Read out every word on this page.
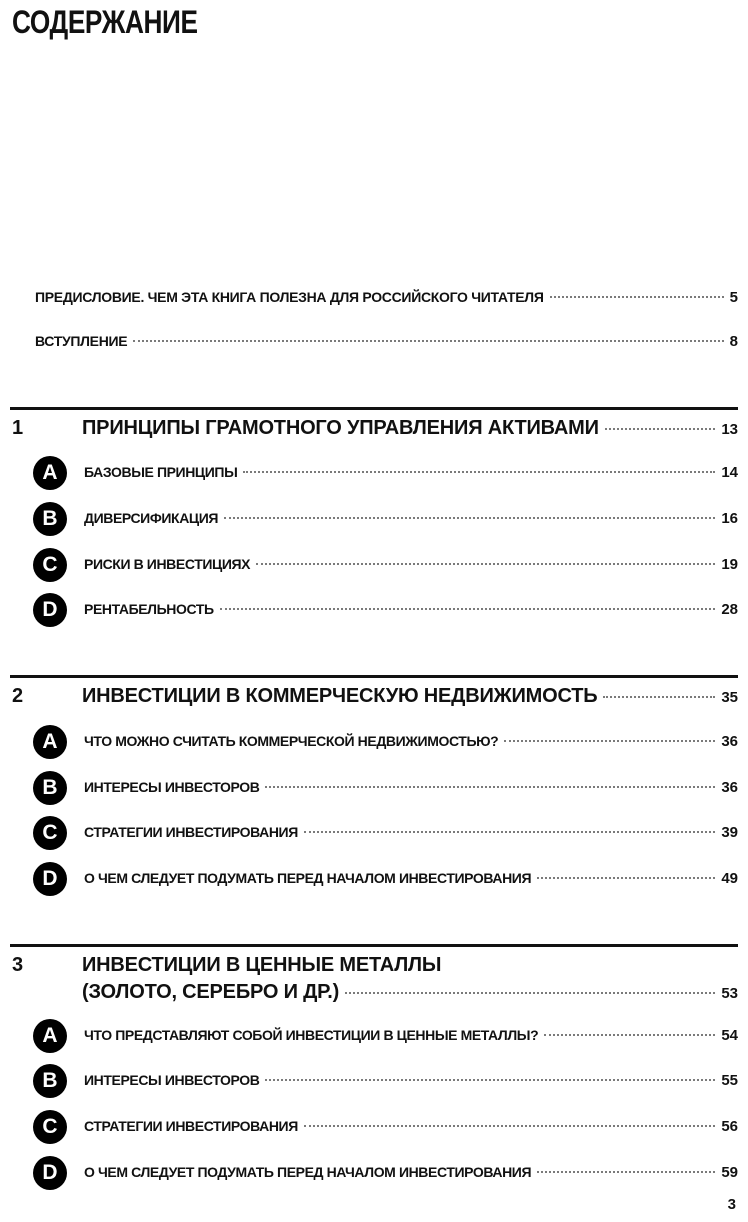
СОДЕРЖАНИЕ
ПРЕДИСЛОВИЕ. ЧЕМ ЭТА КНИГА ПОЛЕЗНА ДЛЯ РОССИЙСКОГО ЧИТАТЕЛЯ	5
ВСТУПЛЕНИЕ	8
1	ПРИНЦИПЫ ГРАМОТНОГО УПРАВЛЕНИЯ АКТИВАМИ	13
A	БАЗОВЫЕ ПРИНЦИПЫ	14
B	ДИВЕРСИФИКАЦИЯ	16
C	РИСКИ В ИНВЕСТИЦИЯХ	19
D	РЕНТАБЕЛЬНОСТЬ	28
2	ИНВЕСТИЦИИ В КОММЕРЧЕСКУЮ НЕДВИЖИМОСТЬ	35
A	ЧТО МОЖНО СЧИТАТЬ КОММЕРЧЕСКОЙ НЕДВИЖИМОСТЬЮ?	36
B	ИНТЕРЕСЫ ИНВЕСТОРОВ	36
C	СТРАТЕГИИ ИНВЕСТИРОВАНИЯ	39
D	О ЧЕМ СЛЕДУЕТ ПОДУМАТЬ ПЕРЕД НАЧАЛОМ ИНВЕСТИРОВАНИЯ	49
3	ИНВЕСТИЦИИ В ЦЕННЫЕ МЕТАЛЛЫ
(ЗОЛОТО, СЕРЕБРО И ДР.)	53
A	ЧТО ПРЕДСТАВЛЯЮТ СОБОЙ ИНВЕСТИЦИИ В ЦЕННЫЕ МЕТАЛЛЫ?	54
B	ИНТЕРЕСЫ ИНВЕСТОРОВ	55
C	СТРАТЕГИИ ИНВЕСТИРОВАНИЯ	56
D	О ЧЕМ СЛЕДУЕТ ПОДУМАТЬ ПЕРЕД НАЧАЛОМ ИНВЕСТИРОВАНИЯ	59
3
